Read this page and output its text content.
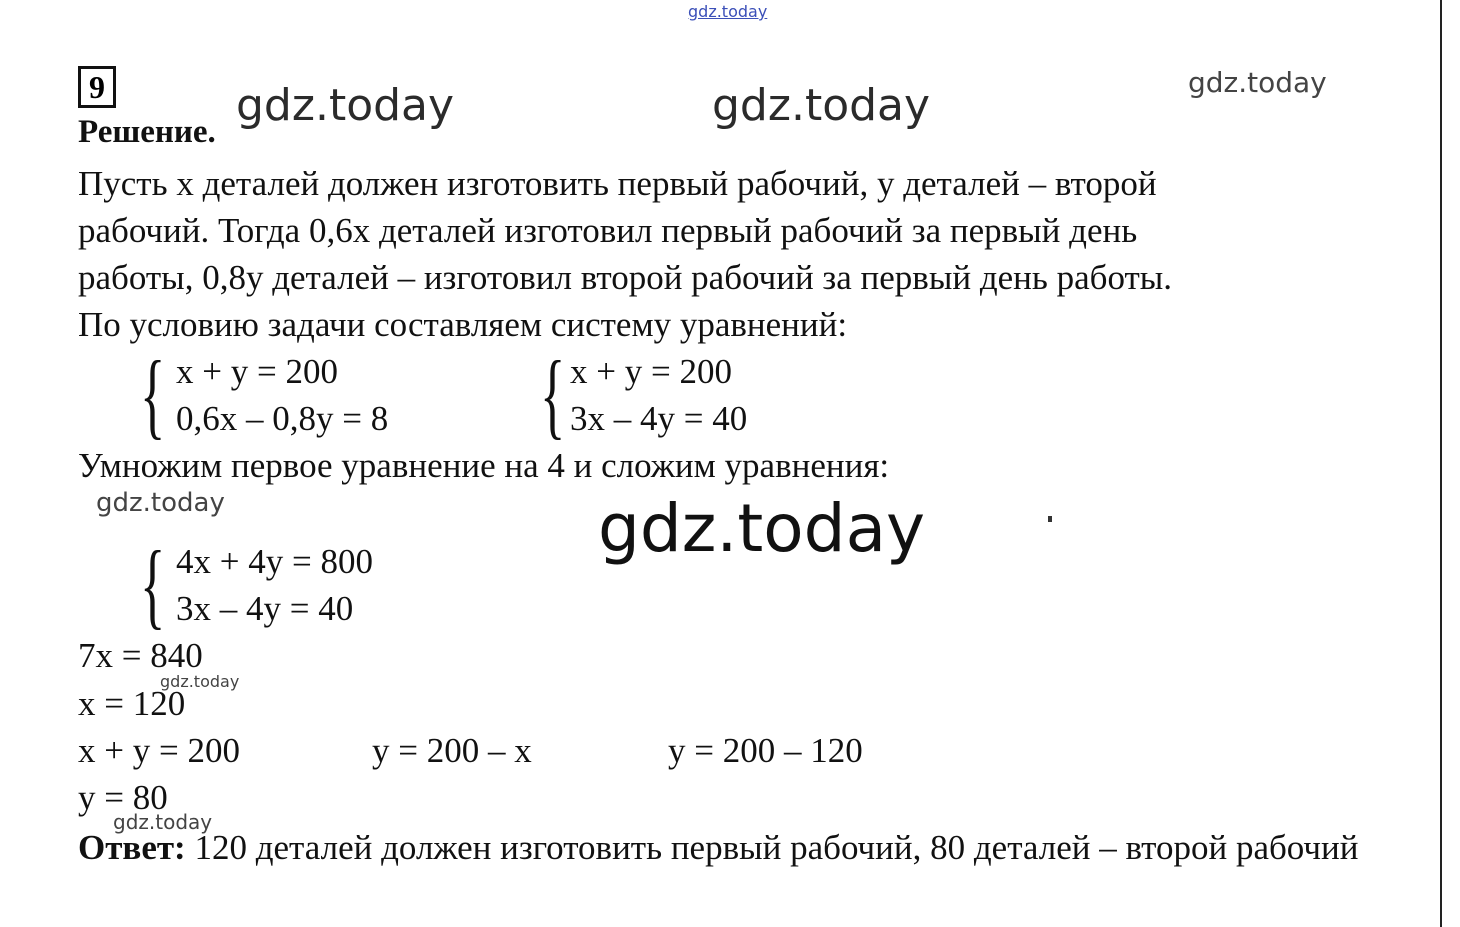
gdz.today
gdz.today	gdz.today	gdz.today
9
Решение.
Пусть х деталей должен изготовить первый рабочий, у деталей – второй
рабочий. Тогда 0,6х деталей изготовил первый рабочий за первый день
работы, 0,8у деталей – изготовил второй рабочий за первый день работы.
По условию задачи составляем систему уравнений:
{ x + y = 200
0,6x – 0,8y = 8 { x + y = 200
3x – 4y = 40
Умножим первое уравнение на 4 и сложим уравнения:
gdz.today	gdz.today
{ 4x + 4y = 800
3x – 4y = 40
7x = 840
gdz.today
x = 120
x + y = 200	y = 200 – x	y = 200 – 120
y = 80
gdz.today
Ответ: 120 деталей должен изготовить первый рабочий, 80 деталей – второй рабочий
